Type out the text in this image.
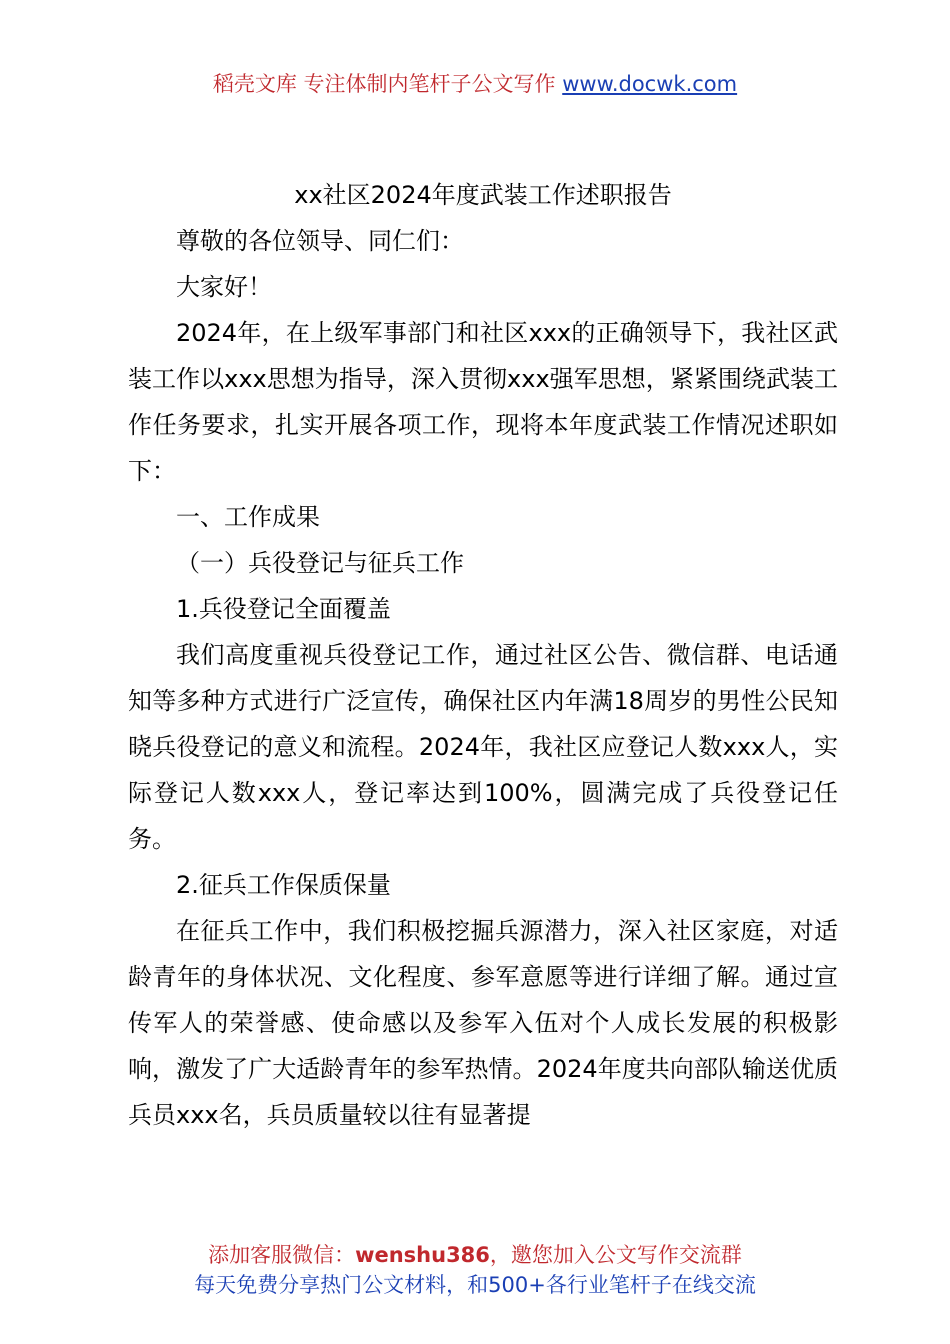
稻壳文库 专注体制内笔杆子公文写作 www.docwk.com
xx社区2024年度武装工作述职报告

尊敬的各位领导、同仁们：

大家好！

2024年，在上级军事部门和社区xxx的正确领导下，我社区武装工作以xxx思想为指导，深入贯彻xxx强军思想，紧紧围绕武装工作任务要求，扎实开展各项工作，现将本年度武装工作情况述职如下：

一、工作成果

（一）兵役登记与征兵工作

1.兵役登记全面覆盖

我们高度重视兵役登记工作，通过社区公告、微信群、电话通知等多种方式进行广泛宣传，确保社区内年满18周岁的男性公民知晓兵役登记的意义和流程。2024年，我社区应登记人数xxx人，实际登记人数xxx人，登记率达到100%，圆满完成了兵役登记任务。

2.征兵工作保质保量

在征兵工作中，我们积极挖掘兵源潜力，深入社区家庭，对适龄青年的身体状况、文化程度、参军意愿等进行详细了解。通过宣传军人的荣誉感、使命感以及参军入伍对个人成长发展的积极影响，激发了广大适龄青年的参军热情。2024年度共向部队输送优质兵员xxx名，兵员质量较以往有显著提

添加客服微信：wenshu386，邀您加入公文写作交流群
每天免费分享热门公文材料，和500+各行业笔杆子在线交流
